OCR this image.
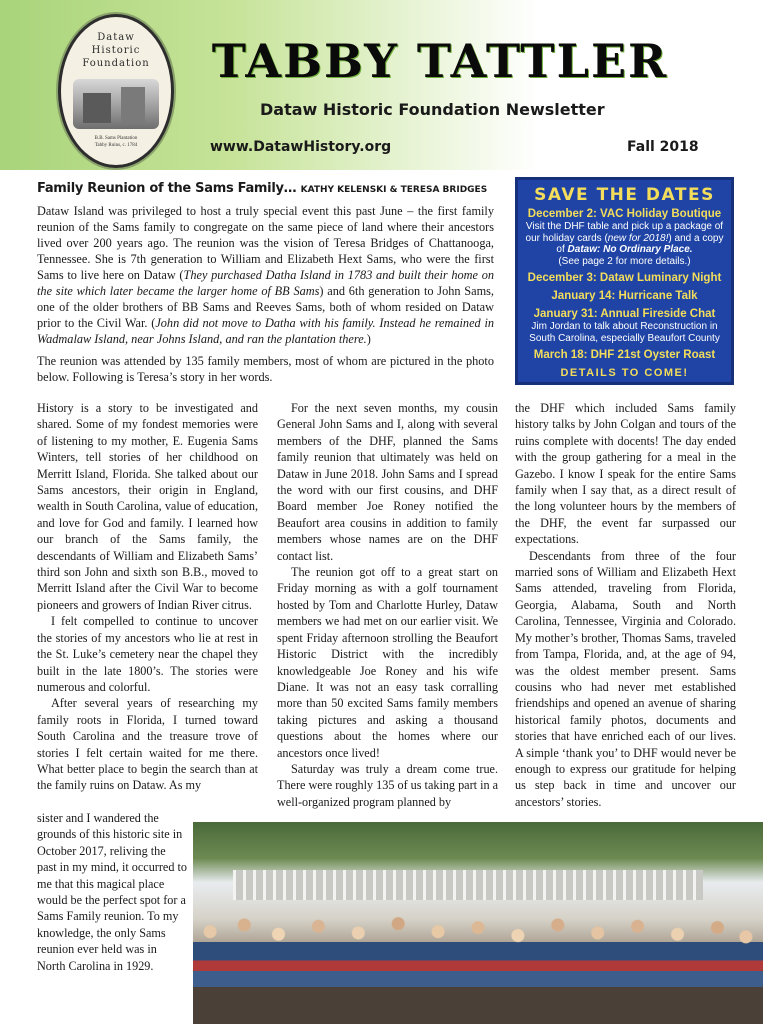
Dataw
Historic
Foundation
B.B. Sams Plantation
Tabby Ruins, c. 1784
TABBY TATTLER
Dataw Historic Foundation Newsletter
www.DatawHistory.org	Fall 2018
Family Reunion of the Sams Family… KATHY KELENSKI & TERESA BRIDGES

Dataw Island was privileged to host a truly special event this past June – the first family reunion of the Sams family to congregate on the same piece of land where their ancestors lived over 200 years ago. The reunion was the vision of Teresa Bridges of Chattanooga, Tennessee. She is 7th generation to William and Elizabeth Hext Sams, who were the first Sams to live here on Dataw (They purchased Datha Island in 1783 and built their home on the site which later became the larger home of BB Sams) and 6th generation to John Sams, one of the older brothers of BB Sams and Reeves Sams, both of whom resided on Dataw prior to the Civil War. (John did not move to Datha with his family. Instead he remained in Wadmalaw Island, near Johns Island, and ran the plantation there.)

The reunion was attended by 135 family members, most of whom are pictured in the photo below. Following is Teresa’s story in her words.

SAVE THE DATES
December 2: VAC Holiday Boutique
Visit the DHF table and pick up a package of our holiday cards (new for 2018!) and a copy of Dataw: No Ordinary Place.
(See page 2 for more details.)
December 3: Dataw Luminary Night
January 14: Hurricane Talk
January 31: Annual Fireside Chat
Jim Jordan to talk about Reconstruction in South Carolina, especially Beaufort County
March 18: DHF 21st Oyster Roast
DETAILS TO COME!

History is a story to be investigated and shared. Some of my fondest memories were of listening to my mother, E. Eugenia Sams Winters, tell stories of her childhood on Merritt Island, Florida. She talked about our Sams ancestors, their origin in England, wealth in South Carolina, value of education, and love for God and family. I learned how our branch of the Sams family, the descendants of William and Elizabeth Sams’ third son John and sixth son B.B., moved to Merritt Island after the Civil War to become pioneers and growers of Indian River citrus.

I felt compelled to continue to uncover the stories of my ancestors who lie at rest in the St. Luke’s cemetery near the chapel they built in the late 1800’s. The stories were numerous and colorful.

After several years of researching my family roots in Florida, I turned toward South Carolina and the treasure trove of stories I felt certain waited for me there. What better place to begin the search than at the family ruins on Dataw. As my

sister and I wandered the grounds of this historic site in October 2017, reliving the past in my mind, it occurred to me that this magical place would be the perfect spot for a Sams Family reunion. To my knowledge, the only Sams reunion ever held was in North Carolina in 1929.

For the next seven months, my cousin General John Sams and I, along with several members of the DHF, planned the Sams family reunion that ultimately was held on Dataw in June 2018. John Sams and I spread the word with our first cousins, and DHF Board member Joe Roney notified the Beaufort area cousins in addition to family members whose names are on the DHF contact list.

The reunion got off to a great start on Friday morning as with a golf tournament hosted by Tom and Charlotte Hurley, Dataw members we had met on our earlier visit. We spent Friday afternoon strolling the Beaufort Historic District with the incredibly knowledgeable Joe Roney and his wife Diane. It was not an easy task corralling more than 50 excited Sams family members taking pictures and asking a thousand questions about the homes where our ancestors once lived!

Saturday was truly a dream come true. There were roughly 135 of us taking part in a well-organized program planned by

the DHF which included Sams family history talks by John Colgan and tours of the ruins complete with docents! The day ended with the group gathering for a meal in the Gazebo. I know I speak for the entire Sams family when I say that, as a direct result of the long volunteer hours by the members of the DHF, the event far surpassed our expectations.

Descendants from three of the four married sons of William and Elizabeth Hext Sams attended, traveling from Florida, Georgia, Alabama, South and North Carolina, Tennessee, Virginia and Colorado. My mother’s brother, Thomas Sams, traveled from Tampa, Florida, and, at the age of 94, was the oldest member present. Sams cousins who had never met established friendships and opened an avenue of sharing historical family photos, documents and stories that have enriched each of our lives. A simple ‘thank you’ to DHF would never be enough to express our gratitude for helping us step back in time and uncover our ancestors’ stories.
